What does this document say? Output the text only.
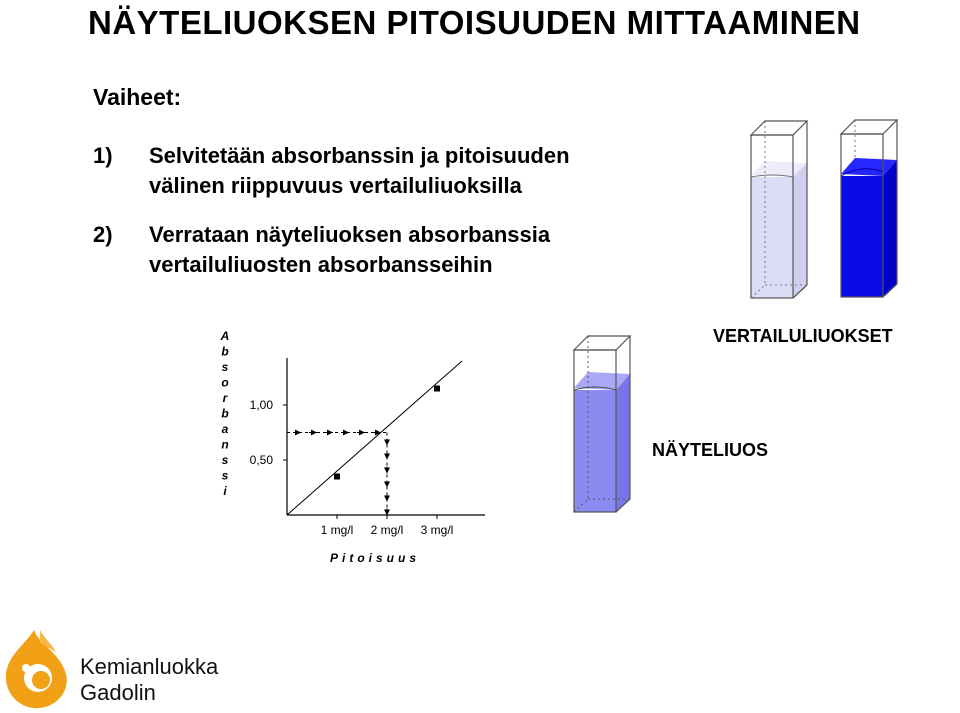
NÄYTELIUOKSEN PITOISUUDEN MITTAAMINEN
Vaiheet:
1) Selvitetään absorbanssin ja pitoisuuden
välinen riippuvuus vertailuliuoksilla
2) Verrataan näyteliuoksen absorbanssia
vertailuliuosten absorbansseihin
A
b
s
o
r
b
a
n
s
s
i
0,50
1,00
1 mg/l 2 mg/l 3 mg/l
Pitoisuus
VERTAILULIUOKSET
NÄYTELIUOS
Kemianluokka
Gadolin
